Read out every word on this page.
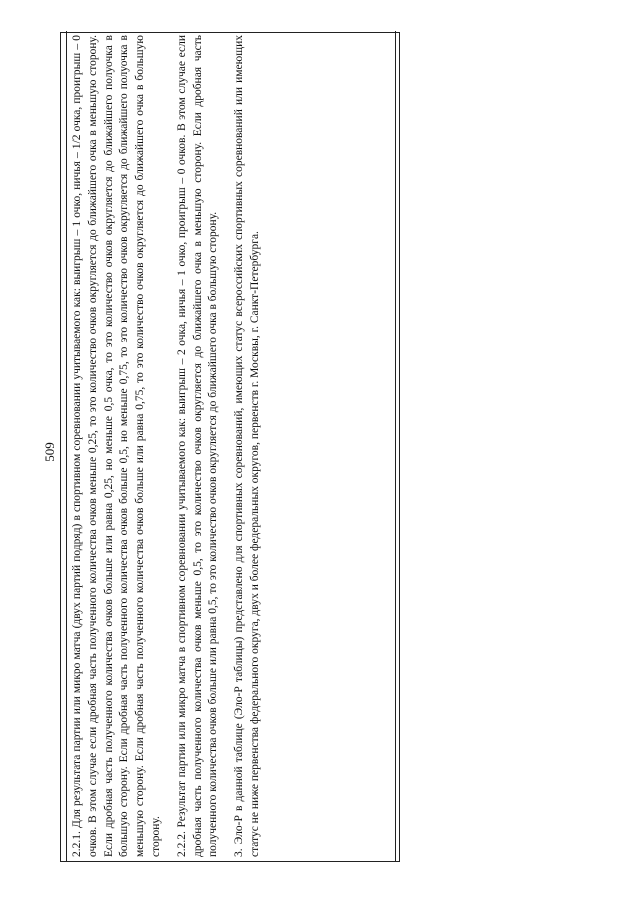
509 2.2.1. Для результата партии или микро матча (двух партий подряд) в спортивном соревновании учитываемого как: выигрыш – 1 очко, ничья – 1/2 очка, проигрыш – 0 очков. В этом случае если дробная часть полученного количества очков меньше 0,25, то это количество очков округляется до ближайшего очка в меньшую сторону. Если дробная часть полученного количества очков больше или равна 0,25, но меньше 0,5 очка, то это количество очков округляется до ближайшего полуочка в большую сторону. Если дробная часть полученного количества очков больше 0,5, но меньше 0,75, то это количество очков округляется до ближайшего полуочка в меньшую сторону. Если дробная часть полученного количества очков больше или равна 0,75, то это количество очков округляется до ближайшего очка в большую сторону. 2.2.2. Результат партии или микро матча в спортивном соревновании учитываемого как: выигрыш – 2 очка, ничья – 1 очко, проигрыш – 0 очков. В этом случае если дробная часть полученного количества очков меньше 0,5, то это количество очков округляется до ближайшего очка в меньшую сторону. Если дробная часть полученного количества очков больше или равна 0,5, то это количество очков округляется до ближайшего очка в большую сторону. 3. Эло-Р в данной таблице (Эло-Р таблицы) представлено для спортивных соревнований, имеющих статус всероссийских спортивных соревнований или имеющих статус не ниже первенства федерального округа, двух и более федеральных округов, первенств г. Москвы, г. Санкт-Петербурга.
